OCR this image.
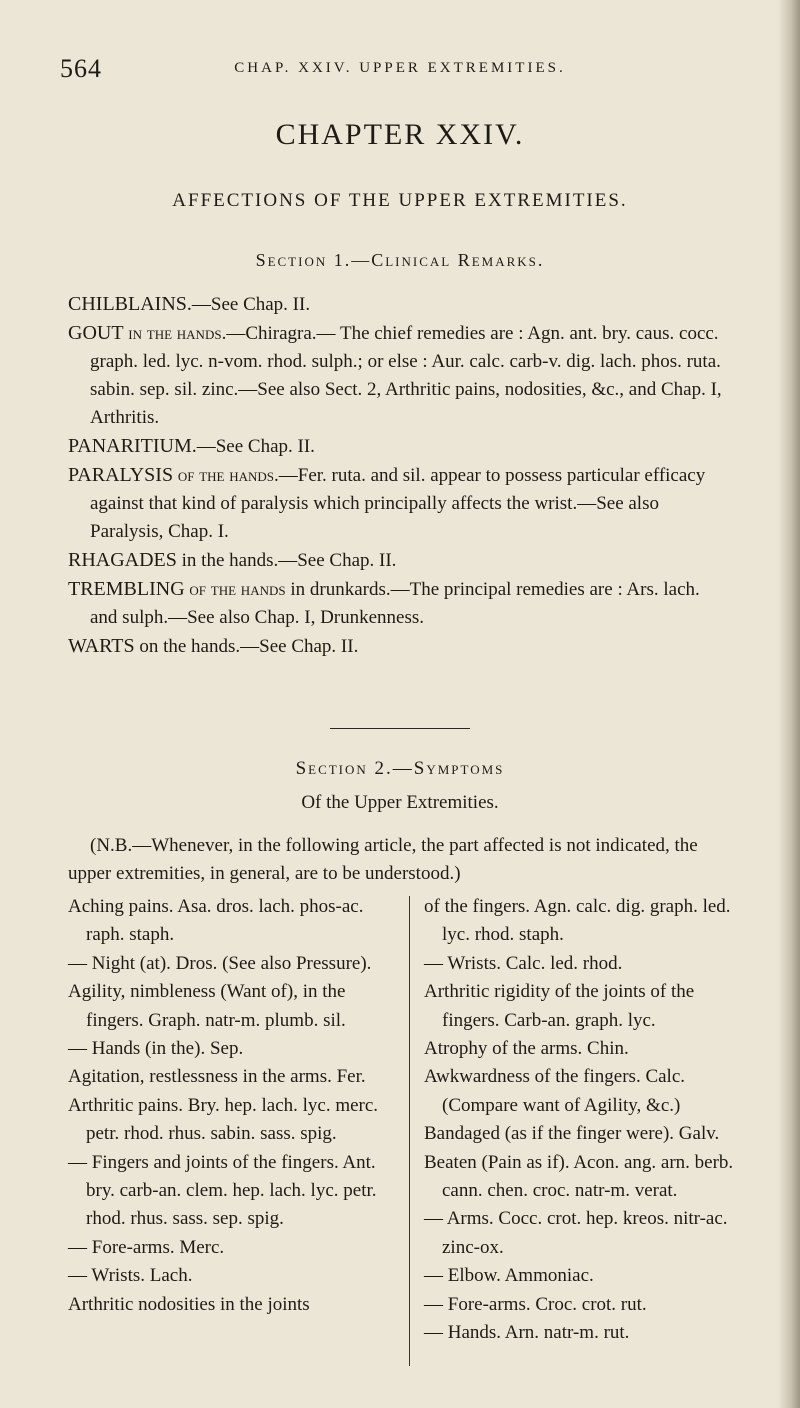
564	CHAP. XXIV. UPPER EXTREMITIES.
CHAPTER XXIV.
AFFECTIONS OF THE UPPER EXTREMITIES.
Section 1.—Clinical Remarks.

CHILBLAINS.—See Chap. II.

GOUT in the hands.—Chiragra.— The chief remedies are : Agn. ant. bry. caus. cocc. graph. led. lyc. n-vom. rhod. sulph.; or else : Aur. calc. carb-v. dig. lach. phos. ruta. sabin. sep. sil. zinc.—See also Sect. 2, Arthritic pains, nodosities, &c., and Chap. I, Arthritis.

PANARITIUM.—See Chap. II.

PARALYSIS of the hands.—Fer. ruta. and sil. appear to possess particular efficacy against that kind of paralysis which principally affects the wrist.—See also Paralysis, Chap. I.

RHAGADES in the hands.—See Chap. II.

TREMBLING of the hands in drunkards.—The principal remedies are : Ars. lach. and sulph.—See also Chap. I, Drunkenness.

WARTS on the hands.—See Chap. II.

Section 2.—Symptoms
Of the Upper Extremities.
(N.B.—Whenever, in the following article, the part affected is not indicated, the upper extremities, in general, are to be understood.)

Aching pains. Asa. dros. lach. phos-ac. raph. staph.

— Night (at). Dros. (See also Pressure).

Agility, nimbleness (Want of), in the fingers. Graph. natr-m. plumb. sil.

— Hands (in the). Sep.

Agitation, restlessness in the arms. Fer.

Arthritic pains. Bry. hep. lach. lyc. merc. petr. rhod. rhus. sabin. sass. spig.

— Fingers and joints of the fingers. Ant. bry. carb-an. clem. hep. lach. lyc. petr. rhod. rhus. sass. sep. spig.

— Fore-arms. Merc.

— Wrists. Lach.

Arthritic nodosities in the joints

of the fingers. Agn. calc. dig. graph. led. lyc. rhod. staph.

— Wrists. Calc. led. rhod.

Arthritic rigidity of the joints of the fingers. Carb-an. graph. lyc.

Atrophy of the arms. Chin.

Awkwardness of the fingers. Calc. (Compare want of Agility, &c.)

Bandaged (as if the finger were). Galv.

Beaten (Pain as if). Acon. ang. arn. berb. cann. chen. croc. natr-m. verat.

— Arms. Cocc. crot. hep. kreos. nitr-ac. zinc-ox.

— Elbow. Ammoniac.

— Fore-arms. Croc. crot. rut.

— Hands. Arn. natr-m. rut.
